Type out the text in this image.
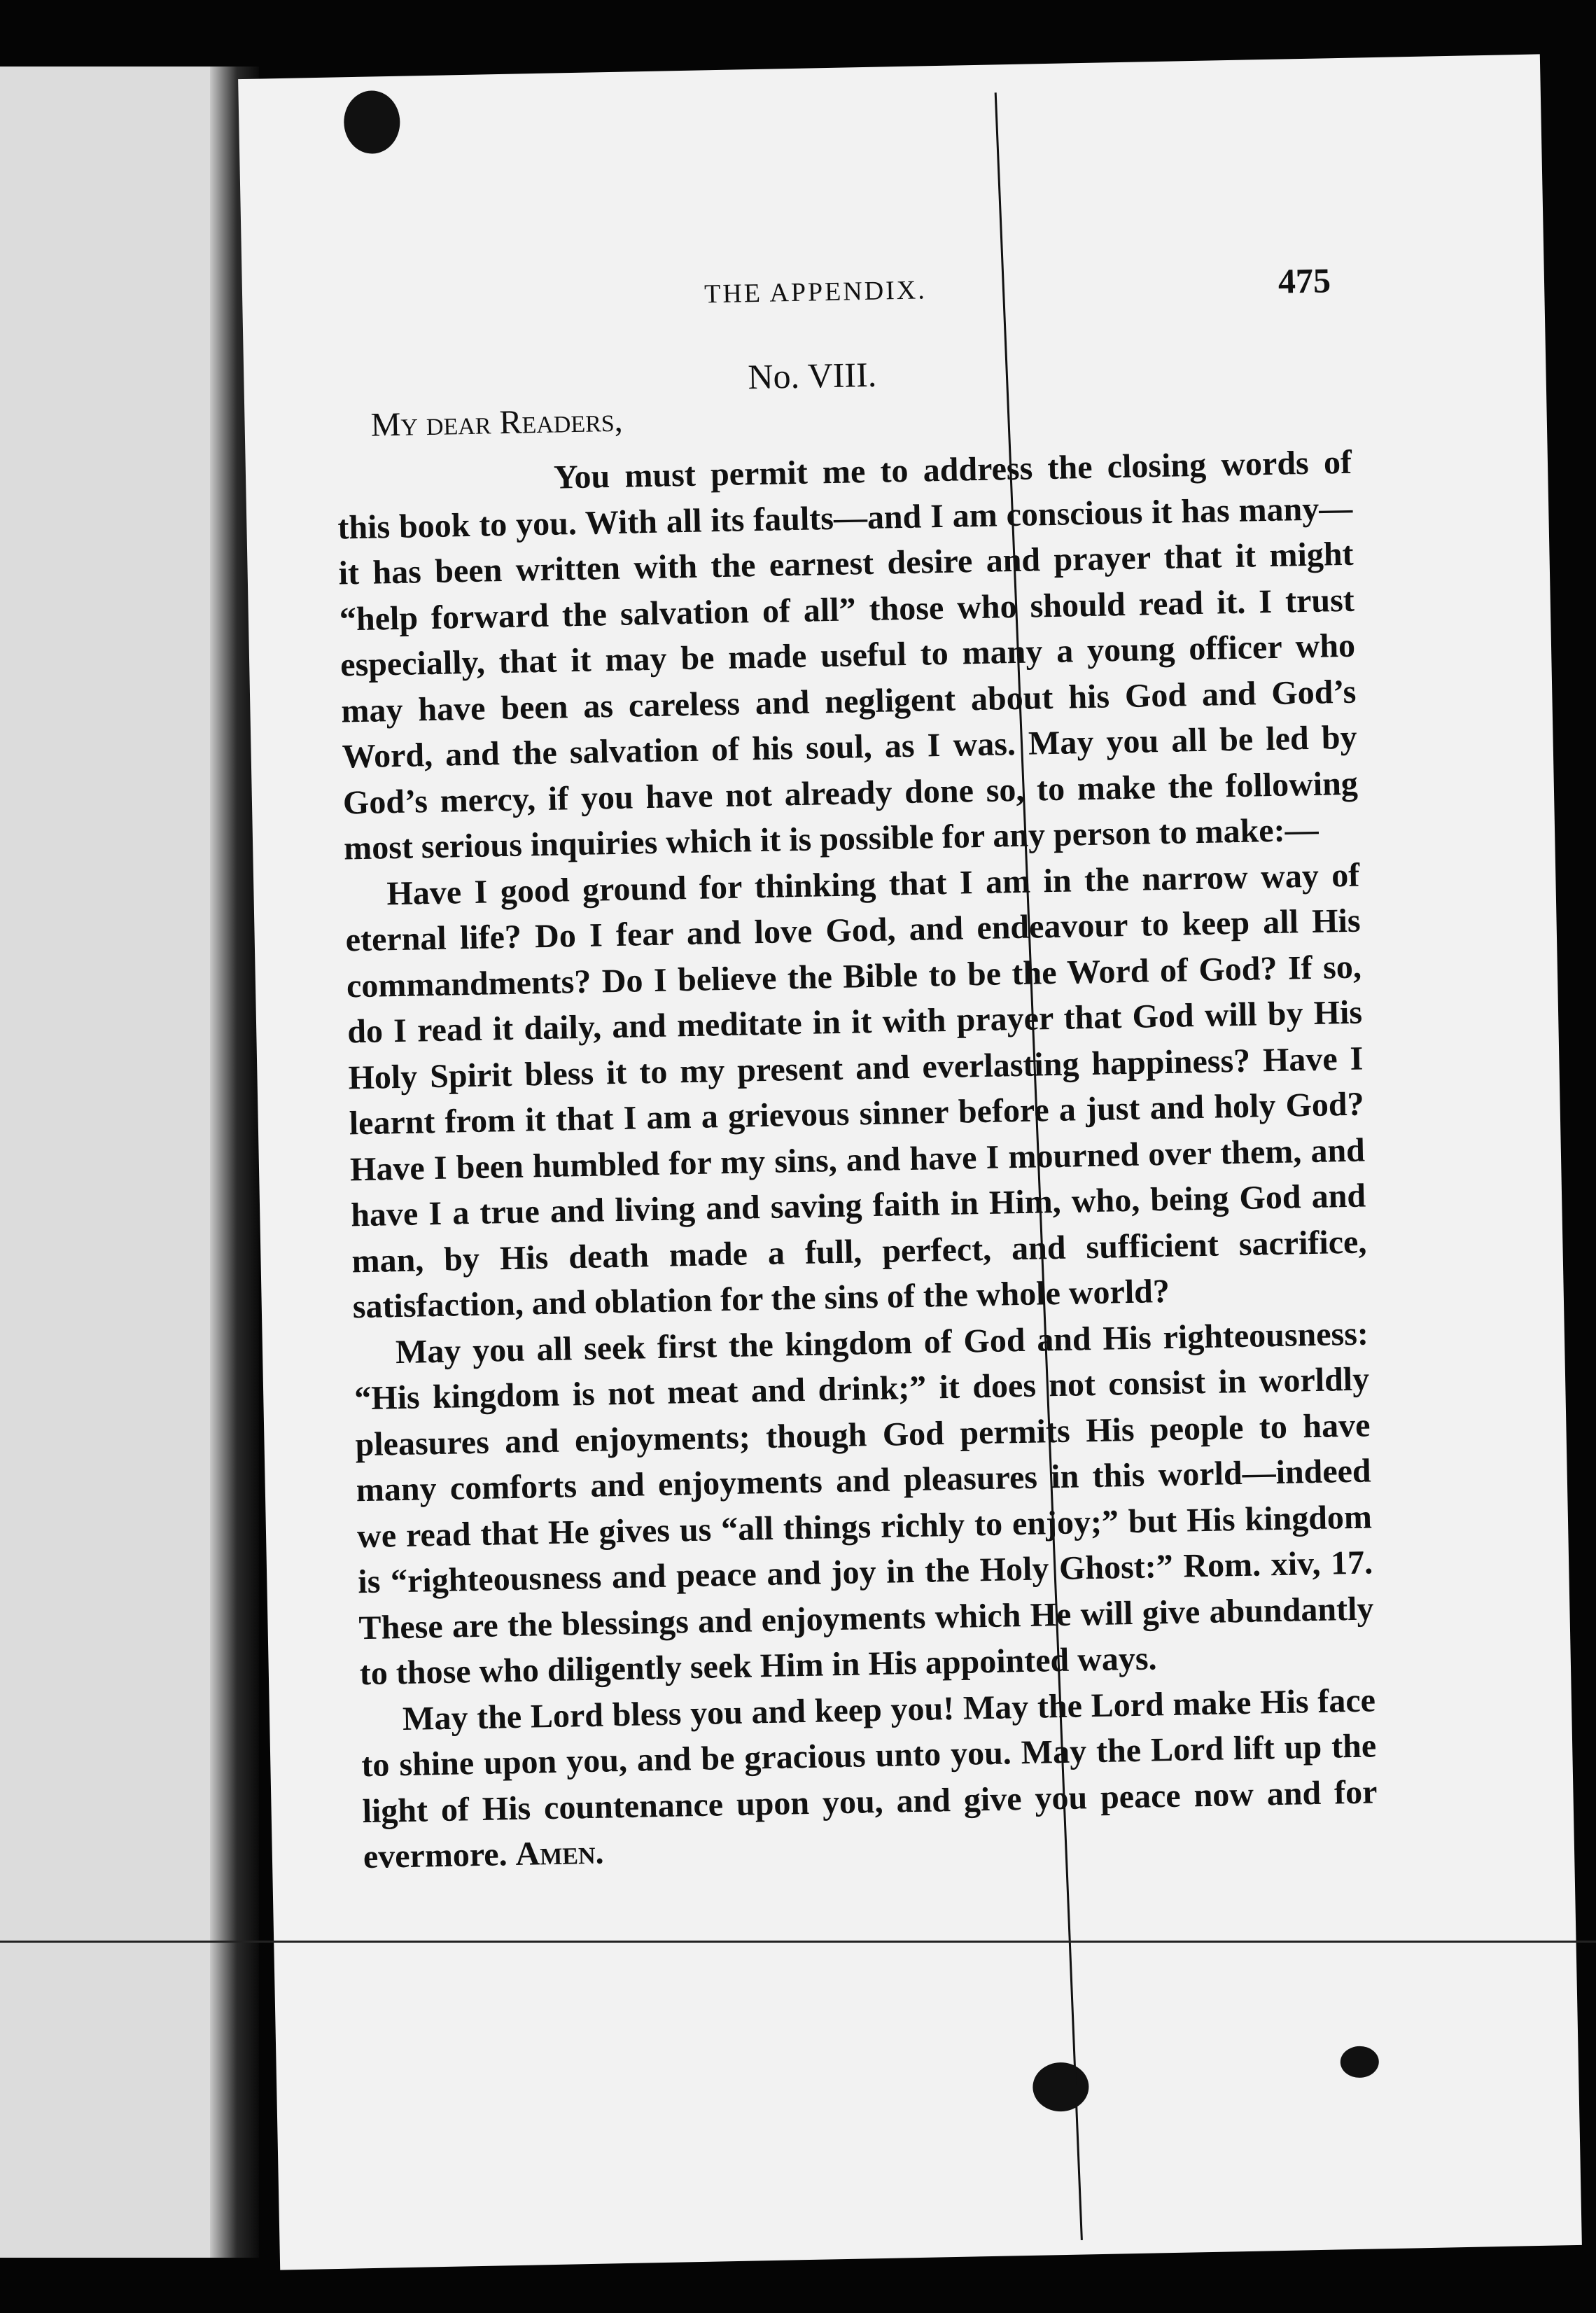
THE APPENDIX.	475
No. VIII.
My dear Readers,

You must permit me to address the closing words of this book to you. With all its faults—and I am conscious it has many—it has been written with the earnest desire and prayer that it might “help forward the salvation of all” those who should read it. I trust especially, that it may be made useful to many a young officer who may have been as careless and negligent about his God and God’s Word, and the salvation of his soul, as I was. May you all be led by God’s mercy, if you have not already done so, to make the following most serious inquiries which it is possible for any person to make:—

Have I good ground for thinking that I am in the narrow way of eternal life? Do I fear and love God, and endeavour to keep all His commandments? Do I believe the Bible to be the Word of God? If so, do I read it daily, and meditate in it with prayer that God will by His Holy Spirit bless it to my present and everlasting happiness? Have I learnt from it that I am a grievous sinner before a just and holy God? Have I been humbled for my sins, and have I mourned over them, and have I a true and living and saving faith in Him, who, being God and man, by His death made a full, perfect, and sufficient sacrifice, satisfaction, and oblation for the sins of the whole world?

May you all seek first the kingdom of God and His righteousness: “His kingdom is not meat and drink;” it does not consist in worldly pleasures and enjoyments; though God permits His people to have many comforts and enjoyments and pleasures in this world—indeed we read that He gives us “all things richly to enjoy;” but His kingdom is “righteousness and peace and joy in the Holy Ghost:” Rom. xiv, 17. These are the blessings and enjoyments which He will give abundantly to those who diligently seek Him in His appointed ways.

May the Lord bless you and keep you! May the Lord make His face to shine upon you, and be gracious unto you. May the Lord lift up the light of His countenance upon you, and give you peace now and for evermore. Amen.
